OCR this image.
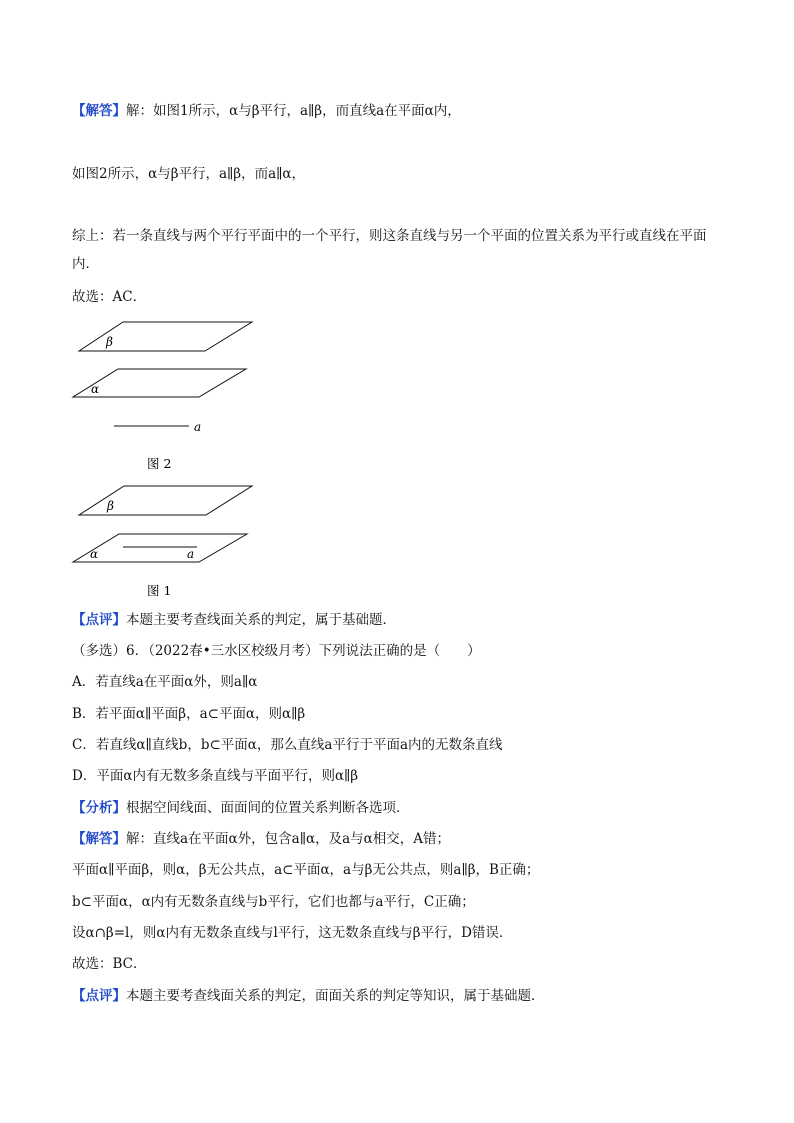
【解答】解：如图1所示，α与β平行，a∥β，而直线a在平面α内，
如图2所示，α与β平行，a∥β，而a∥α，
综上：若一条直线与两个平行平面中的一个平行，则这条直线与另一个平面的位置关系为平行或直线在平面内．
故选：AC．
β
α
a
图 2
β
α	a
图 1
【点评】本题主要考查线面关系的判定，属于基础题．
（多选）6．（2022春•三水区校级月考）下列说法正确的是（　　）
A．若直线a在平面α外，则a∥α
B．若平面α∥平面β，a⊂平面α，则α∥β
C．若直线α∥直线b，b⊂平面α，那么直线a平行于平面a内的无数条直线
D．平面α内有无数多条直线与平面平行，则α∥β
【分析】根据空间线面、面面间的位置关系判断各选项．
【解答】解：直线a在平面α外，包含a∥α，及a与α相交，A错；
平面α∥平面β，则α，β无公共点，a⊂平面α，a与β无公共点，则a∥β，B正确；
b⊂平面α，α内有无数条直线与b平行，它们也都与a平行，C正确；
设α∩β=l，则α内有无数条直线与l平行，这无数条直线与β平行，D错误．
故选：BC．
【点评】本题主要考查线面关系的判定，面面关系的判定等知识，属于基础题．
